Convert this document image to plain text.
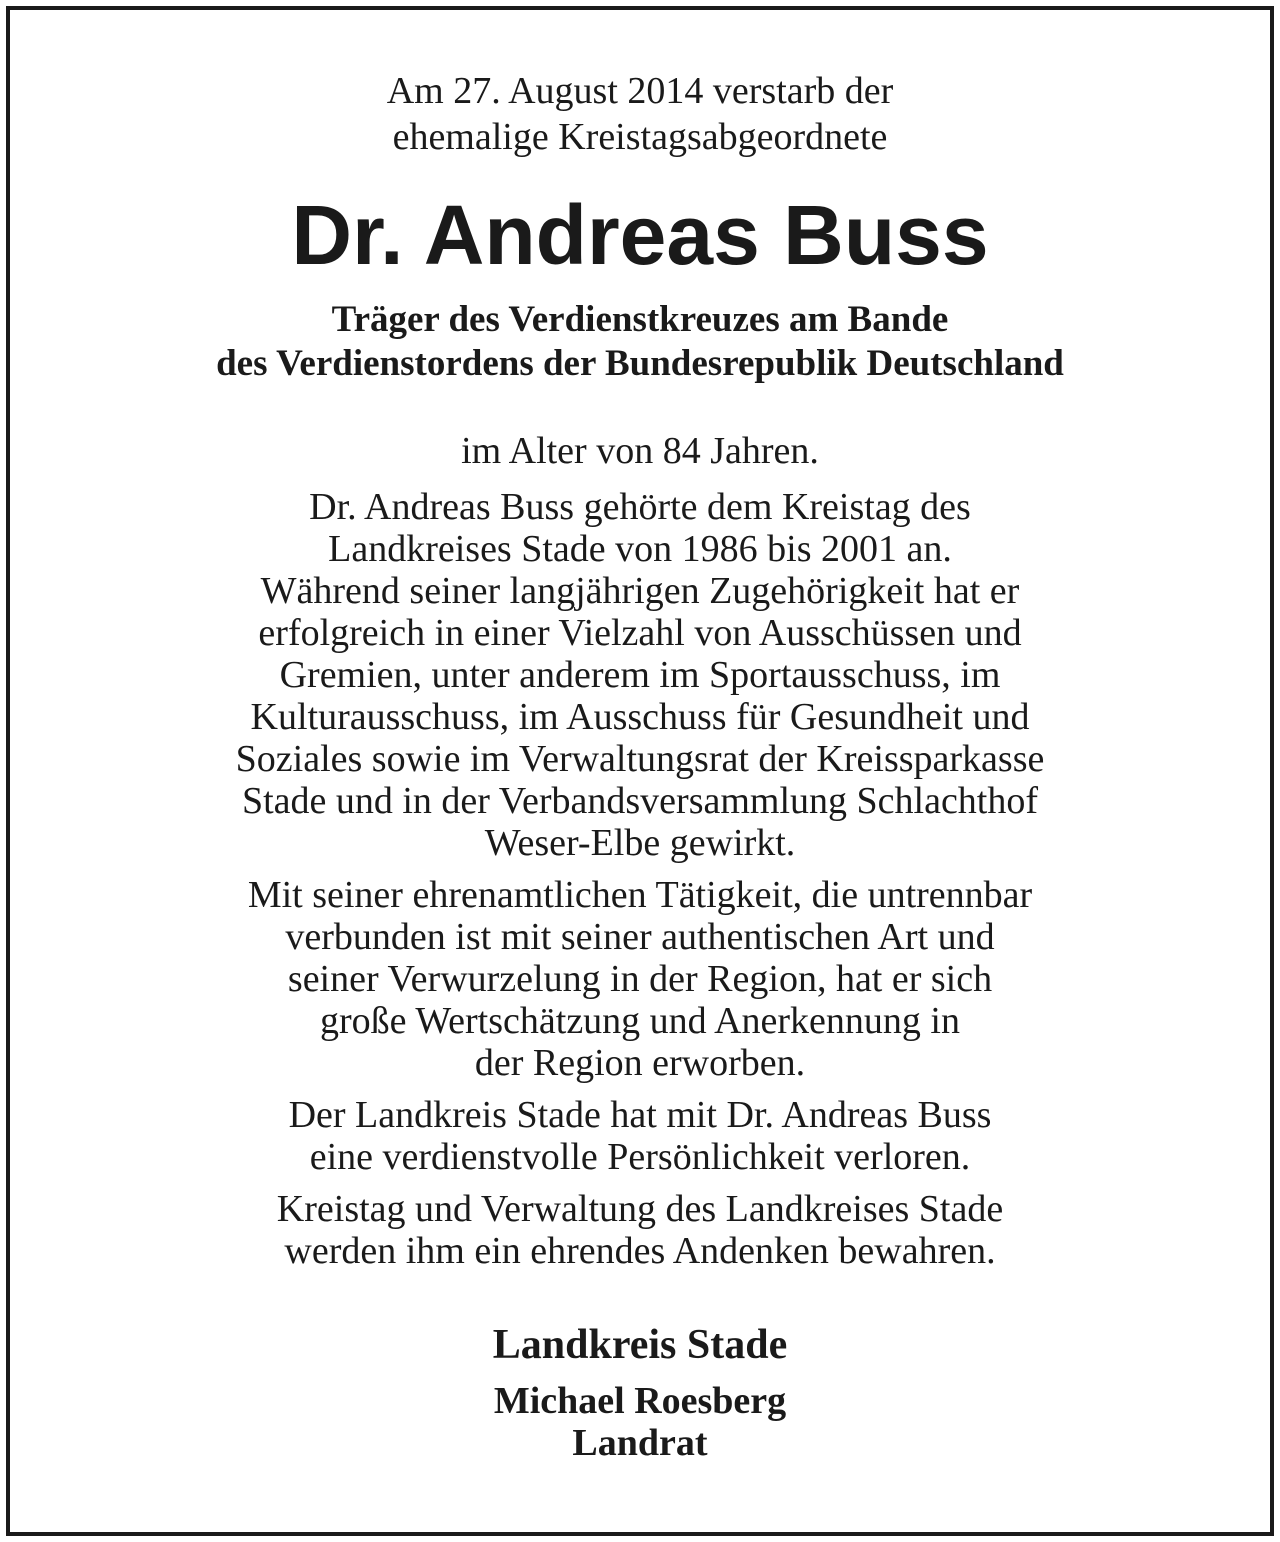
Am 27. August 2014 verstarb der
ehemalige Kreistagsabgeordnete
Dr. Andreas Buss
Träger des Verdienstkreuzes am Bande
des Verdienstordens der Bundesrepublik Deutschland
im Alter von 84 Jahren.
Dr. Andreas Buss gehörte dem Kreistag des
Landkreises Stade von 1986 bis 2001 an.
Während seiner langjährigen Zugehörigkeit hat er
erfolgreich in einer Vielzahl von Ausschüssen und
Gremien, unter anderem im Sportausschuss, im
Kulturausschuss, im Ausschuss für Gesundheit und
Soziales sowie im Verwaltungsrat der Kreissparkasse
Stade und in der Verbandsversammlung Schlachthof
Weser-Elbe gewirkt.
Mit seiner ehrenamtlichen Tätigkeit, die untrennbar
verbunden ist mit seiner authentischen Art und
seiner Verwurzelung in der Region, hat er sich
große Wertschätzung und Anerkennung in
der Region erworben.
Der Landkreis Stade hat mit Dr. Andreas Buss
eine verdienstvolle Persönlichkeit verloren.
Kreistag und Verwaltung des Landkreises Stade
werden ihm ein ehrendes Andenken bewahren.
Landkreis Stade
Michael Roesberg
Landrat
